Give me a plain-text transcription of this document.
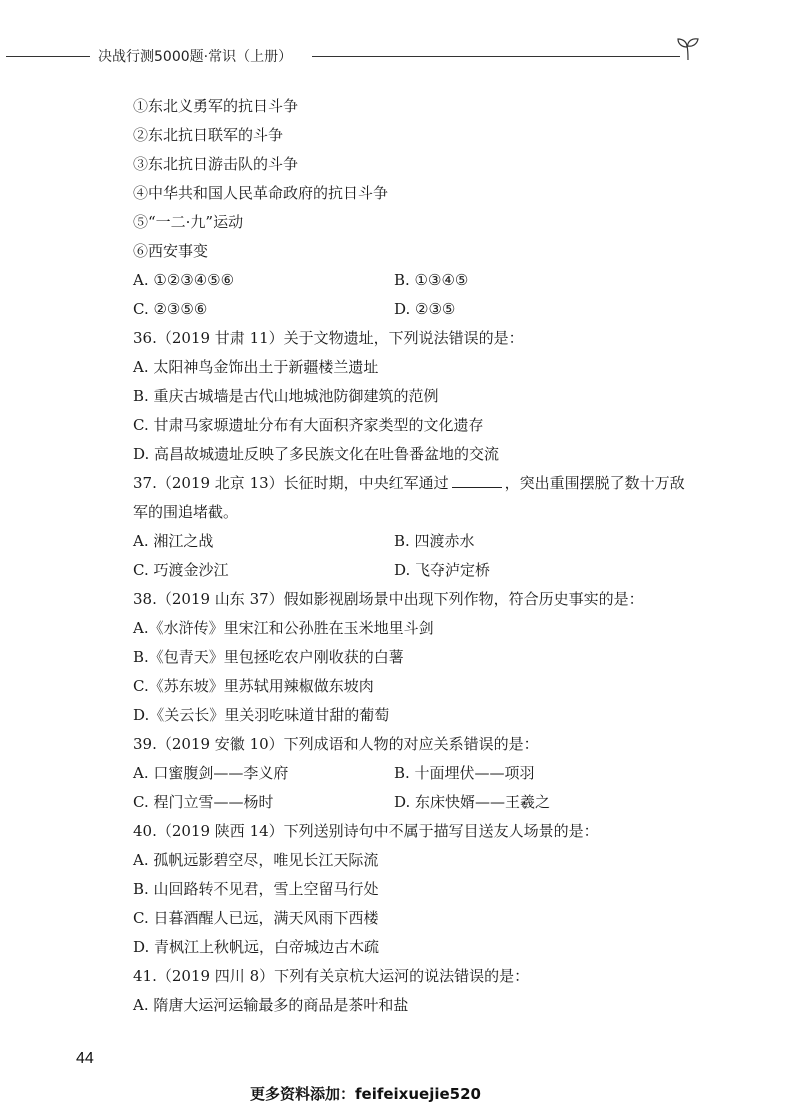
决战行测5000题·常识（上册）
①东北义勇军的抗日斗争
②东北抗日联军的斗争
③东北抗日游击队的斗争
④中华共和国人民革命政府的抗日斗争
⑤“一二·九”运动
⑥西安事变
A. ①②③④⑤⑥	B. ①③④⑤
C. ②③⑤⑥	D. ②③⑤
36.（2019 甘肃 11）关于文物遗址，下列说法错误的是：
A. 太阳神鸟金饰出土于新疆楼兰遗址
B. 重庆古城墙是古代山地城池防御建筑的范例
C. 甘肃马家塬遗址分布有大面积齐家类型的文化遗存
D. 高昌故城遗址反映了多民族文化在吐鲁番盆地的交流
37.（2019 北京 13）长征时期，中央红军通过	，突出重围摆脱了数十万敌
军的围追堵截。
A. 湘江之战	B. 四渡赤水
C. 巧渡金沙江	D. 飞夺泸定桥
38.（2019 山东 37）假如影视剧场景中出现下列作物，符合历史事实的是：
A.《水浒传》里宋江和公孙胜在玉米地里斗剑
B.《包青天》里包拯吃农户刚收获的白薯
C.《苏东坡》里苏轼用辣椒做东坡肉
D.《关云长》里关羽吃味道甘甜的葡萄
39.（2019 安徽 10）下列成语和人物的对应关系错误的是：
A. 口蜜腹剑——李义府	B. 十面埋伏——项羽
C. 程门立雪——杨时	D. 东床快婿——王羲之
40.（2019 陕西 14）下列送别诗句中不属于描写目送友人场景的是：
A. 孤帆远影碧空尽，唯见长江天际流
B. 山回路转不见君，雪上空留马行处
C. 日暮酒醒人已远，满天风雨下西楼
D. 青枫江上秋帆远，白帝城边古木疏
41.（2019 四川 8）下列有关京杭大运河的说法错误的是：
A. 隋唐大运河运输最多的商品是茶叶和盐
44
更多资料添加：feifeixuejie520
